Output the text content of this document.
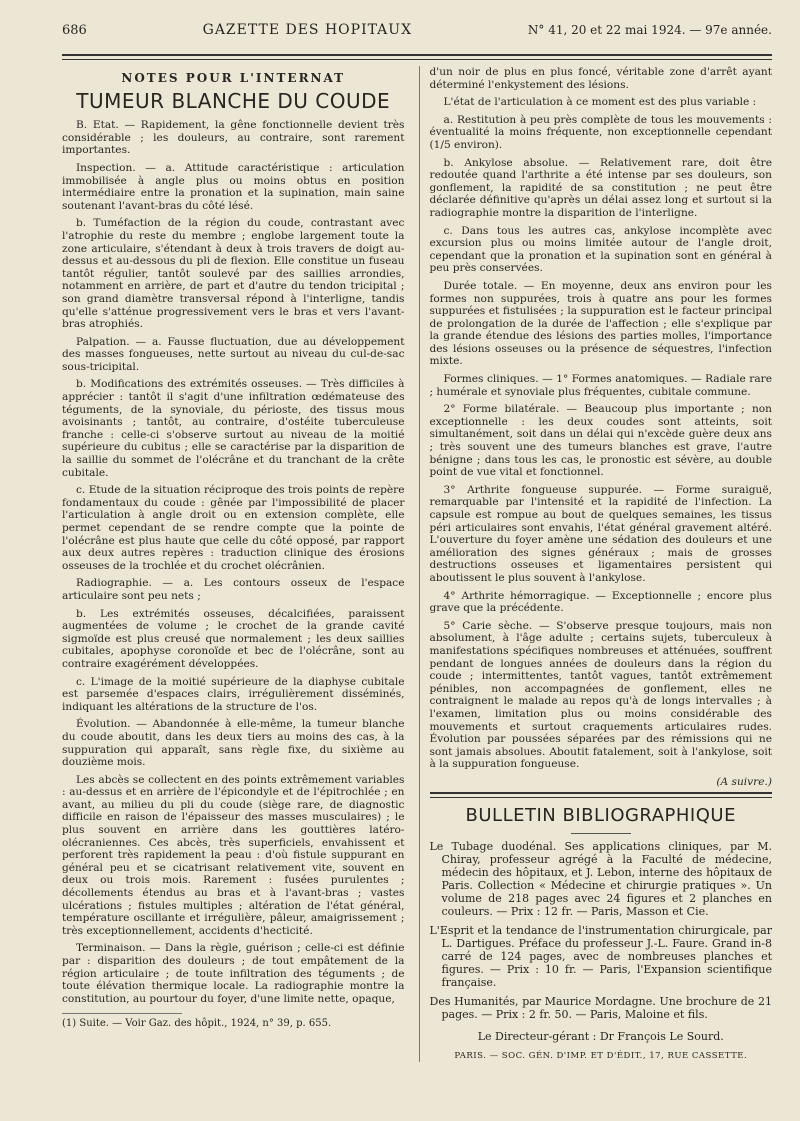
686	GAZETTE DES HOPITAUX	N° 41, 20 et 22 mai 1924. — 97e année.
NOTES POUR L'INTERNAT
TUMEUR BLANCHE DU COUDE

B. Etat. — Rapidement, la gêne fonctionnelle devient très considérable ; les douleurs, au contraire, sont rarement importantes.

Inspection. — a. Attitude caractéristique : articulation immobilisée à angle plus ou moins obtus en position intermédiaire entre la pronation et la supination, main saine soutenant l'avant-bras du côté lésé.

b. Tuméfaction de la région du coude, contrastant avec l'atrophie du reste du membre ; englobe largement toute la zone articulaire, s'étendant à deux à trois travers de doigt au-dessus et au-dessous du pli de flexion. Elle constitue un fuseau tantôt régulier, tantôt soulevé par des saillies arrondies, notamment en arrière, de part et d'autre du tendon tricipital ; son grand diamètre transversal répond à l'interligne, tandis qu'elle s'atténue progressivement vers le bras et vers l'avant-bras atrophiés.

Palpation. — a. Fausse fluctuation, due au développement des masses fongueuses, nette surtout au niveau du cul-de-sac sous-tricipital.

b. Modifications des extrémités osseuses. — Très difficiles à apprécier : tantôt il s'agit d'une infiltration œdémateuse des téguments, de la synoviale, du périoste, des tissus mous avoisinants ; tantôt, au contraire, d'ostéite tuberculeuse franche : celle-ci s'observe surtout au niveau de la moitié supérieure du cubitus ; elle se caractérise par la disparition de la saillie du sommet de l'olécrâne et du tranchant de la crête cubitale.

c. Etude de la situation réciproque des trois points de repère fondamentaux du coude : gênée par l'impossibilité de placer l'articulation à angle droit ou en extension complète, elle permet cependant de se rendre compte que la pointe de l'olécrâne est plus haute que celle du côté opposé, par rapport aux deux autres repères : traduction clinique des érosions osseuses de la trochlée et du crochet olécrânien.

Radiographie. — a. Les contours osseux de l'espace articulaire sont peu nets ;

b. Les extrémités osseuses, décalcifiées, paraissent augmentées de volume ; le crochet de la grande cavité sigmoïde est plus creusé que normalement ; les deux saillies cubitales, apophyse coronoïde et bec de l'olécrâne, sont au contraire exagérément développées.

c. L'image de la moitié supérieure de la diaphyse cubitale est parsemée d'espaces clairs, irrégulièrement disséminés, indiquant les altérations de la structure de l'os.

Évolution. — Abandonnée à elle-même, la tumeur blanche du coude aboutit, dans les deux tiers au moins des cas, à la suppuration qui apparaît, sans règle fixe, du sixième au douzième mois.

Les abcès se collectent en des points extrêmement variables : au-dessus et en arrière de l'épicondyle et de l'épitrochlée ; en avant, au milieu du pli du coude (siège rare, de diagnostic difficile en raison de l'épaisseur des masses musculaires) ; le plus souvent en arrière dans les gouttières latéro-olécraniennes. Ces abcès, très superficiels, envahissent et perforent très rapidement la peau : d'où fistule suppurant en général peu et se cicatrisant relativement vite, souvent en deux ou trois mois. Rarement : fusées purulentes ; décollements étendus au bras et à l'avant-bras ; vastes ulcérations ; fistules multiples ; altération de l'état général, température oscillante et irrégulière, pâleur, amaigrissement ; très exceptionnellement, accidents d'hecticité.

Terminaison. — Dans la règle, guérison ; celle-ci est définie par : disparition des douleurs ; de tout empâtement de la région articulaire ; de toute infiltration des téguments ; de toute élévation thermique locale. La radiographie montre la constitution, au pourtour du foyer, d'une limite nette, opaque,

(1) Suite. — Voir Gaz. des hôpit., 1924, n° 39, p. 655.

d'un noir de plus en plus foncé, véritable zone d'arrêt ayant déterminé l'enkystement des lésions.

L'état de l'articulation à ce moment est des plus variable :

a. Restitution à peu près complète de tous les mouvements : éventualité la moins fréquente, non exceptionnelle cependant (1/5 environ).

b. Ankylose absolue. — Relativement rare, doit être redoutée quand l'arthrite a été intense par ses douleurs, son gonflement, la rapidité de sa constitution ; ne peut être déclarée définitive qu'après un délai assez long et surtout si la radiographie montre la disparition de l'interligne.

c. Dans tous les autres cas, ankylose incomplète avec excursion plus ou moins limitée autour de l'angle droit, cependant que la pronation et la supination sont en général à peu près conservées.

Durée totale. — En moyenne, deux ans environ pour les formes non suppurées, trois à quatre ans pour les formes suppurées et fistulisées ; la suppuration est le facteur principal de prolongation de la durée de l'affection ; elle s'explique par la grande étendue des lésions des parties molles, l'importance des lésions osseuses ou la présence de séquestres, l'infection mixte.

Formes cliniques. — 1° Formes anatomiques. — Radiale rare ; humérale et synoviale plus fréquentes, cubitale commune.

2° Forme bilatérale. — Beaucoup plus importante ; non exceptionnelle : les deux coudes sont atteints, soit simultanément, soit dans un délai qui n'excède guère deux ans ; très souvent une des tumeurs blanches est grave, l'autre bénigne ; dans tous les cas, le pronostic est sévère, au double point de vue vital et fonctionnel.

3° Arthrite fongueuse suppurée. — Forme suraiguë, remarquable par l'intensité et la rapidité de l'infection. La capsule est rompue au bout de quelques semaines, les tissus péri articulaires sont envahis, l'état général gravement altéré. L'ouverture du foyer amène une sédation des douleurs et une amélioration des signes généraux ; mais de grosses destructions osseuses et ligamentaires persistent qui aboutissent le plus souvent à l'ankylose.

4° Arthrite hémorragique. — Exceptionnelle ; encore plus grave que la précédente.

5° Carie sèche. — S'observe presque toujours, mais non absolument, à l'âge adulte ; certains sujets, tuberculeux à manifestations spécifiques nombreuses et atténuées, souffrent pendant de longues années de douleurs dans la région du coude ; intermittentes, tantôt vagues, tantôt extrêmement pénibles, non accompagnées de gonflement, elles ne contraignent le malade au repos qu'à de longs intervalles ; à l'examen, limitation plus ou moins considérable des mouvements et surtout craquements articulaires rudes. Évolution par poussées séparées par des rémissions qui ne sont jamais absolues. Aboutit fatalement, soit à l'ankylose, soit à la suppuration fongueuse.

(A suivre.)
BULLETIN BIBLIOGRAPHIQUE
Le Tubage duodénal. Ses applications cliniques, par M. Chiray, professeur agrégé à la Faculté de médecine, médecin des hôpitaux, et J. Lebon, interne des hôpitaux de Paris. Collection « Médecine et chirurgie pratiques ». Un volume de 218 pages avec 24 figures et 2 planches en couleurs. — Prix : 12 fr. — Paris, Masson et Cie.
L'Esprit et la tendance de l'instrumentation chirurgicale, par L. Dartigues. Préface du professeur J.-L. Faure. Grand in-8 carré de 124 pages, avec de nombreuses planches et figures. — Prix : 10 fr. — Paris, l'Expansion scientifique française.
Des Humanités, par Maurice Mordagne. Une brochure de 21 pages. — Prix : 2 fr. 50. — Paris, Maloine et fils.
Le Directeur-gérant : Dr François Le Sourd.
PARIS. — SOC. GÉN. D'IMP. ET D'ÉDIT., 17, RUE CASSETTE.
